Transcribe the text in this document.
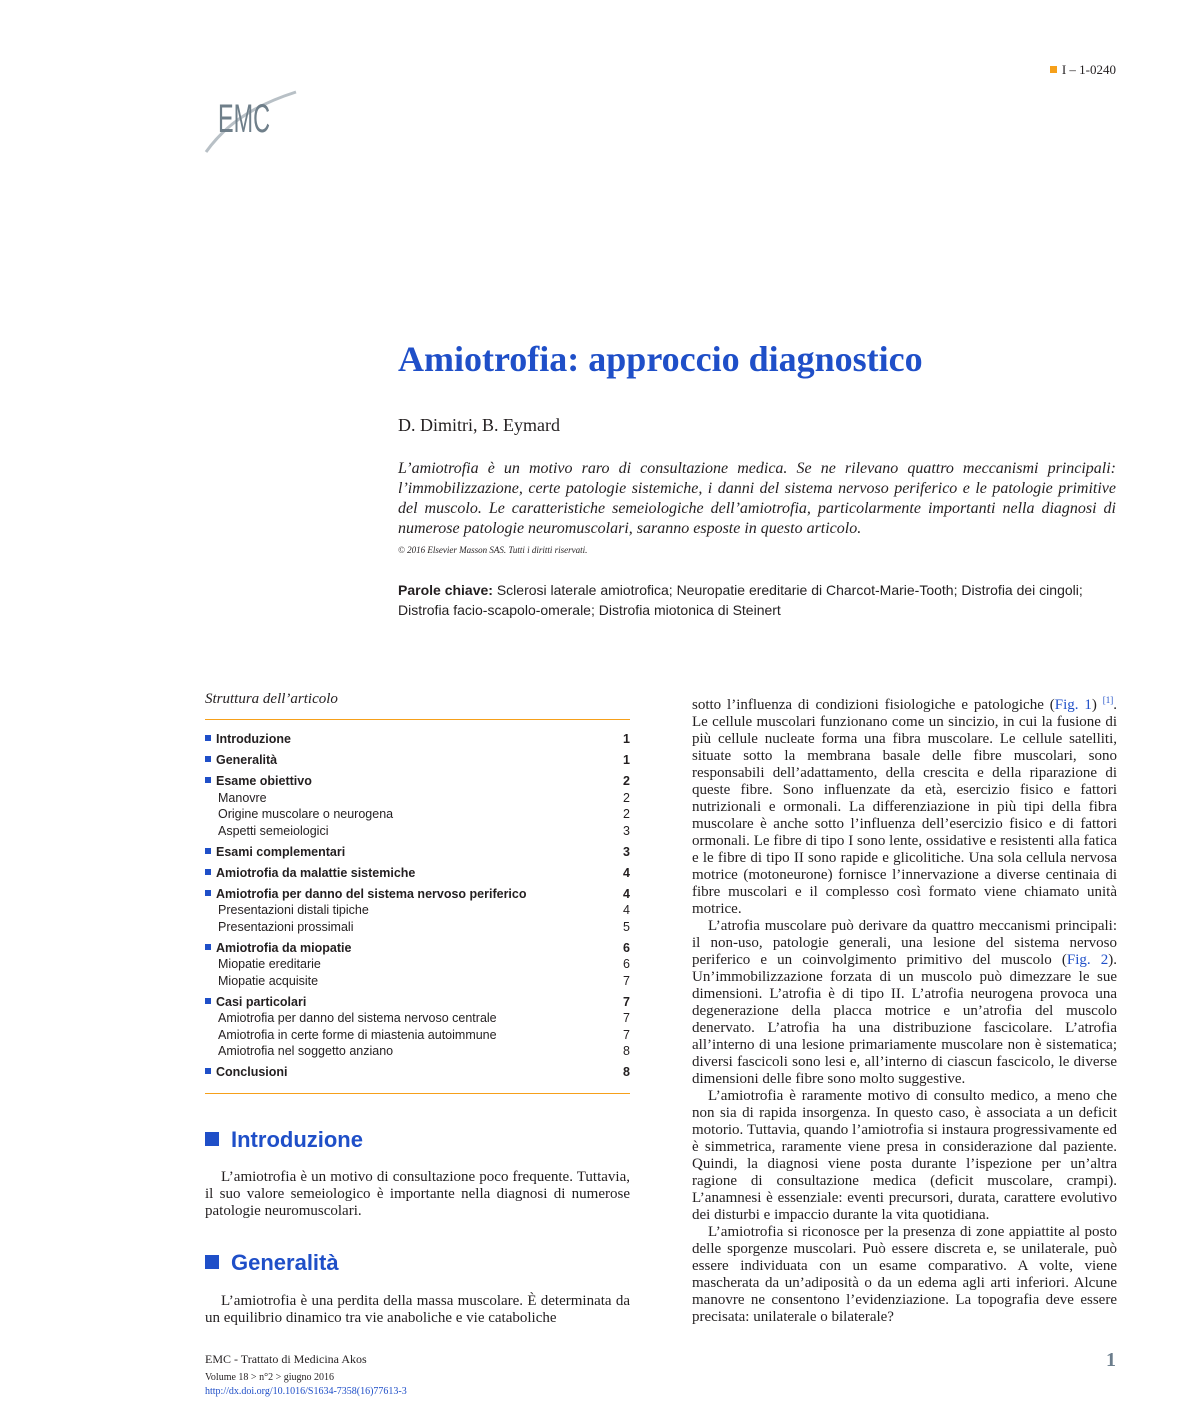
I – 1-0240
EMC
Amiotrofia: approccio diagnostico
D. Dimitri, B. Eymard
L’amiotrofia è un motivo raro di consultazione medica. Se ne rilevano quattro meccanismi principali: l’immobilizzazione, certe patologie sistemiche, i danni del sistema nervoso periferico e le patologie primitive del muscolo. Le caratteristiche semeiologiche dell’amiotrofia, particolarmente importanti nella diagnosi di numerose patologie neuromuscolari, saranno esposte in questo articolo.
© 2016 Elsevier Masson SAS. Tutti i diritti riservati.
Parole chiave: Sclerosi laterale amiotrofica; Neuropatie ereditarie di Charcot-Marie-Tooth; Distrofia dei cingoli; Distrofia facio-scapolo-omerale; Distrofia miotonica di Steinert
Struttura dell’articolo
Introduzione	1
Generalità	1
Esame obiettivo	2
Manovre	2
Origine muscolare o neurogena	2
Aspetti semeiologici	3
Esami complementari	3
Amiotrofia da malattie sistemiche	4
Amiotrofia per danno del sistema nervoso periferico	4
Presentazioni distali tipiche	4
Presentazioni prossimali	5
Amiotrofia da miopatie	6
Miopatie ereditarie	6
Miopatie acquisite	7
Casi particolari	7
Amiotrofia per danno del sistema nervoso centrale	7
Amiotrofia in certe forme di miastenia autoimmune	7
Amiotrofia nel soggetto anziano	8
Conclusioni	8
Introduzione
L’amiotrofia è un motivo di consultazione poco frequente. Tuttavia, il suo valore semeiologico è importante nella diagnosi di numerose patologie neuromuscolari.
Generalità
L’amiotrofia è una perdita della massa muscolare. È determinata da un equilibrio dinamico tra vie anaboliche e vie cataboliche

sotto l’influenza di condizioni fisiologiche e patologiche (Fig. 1) [1]. Le cellule muscolari funzionano come un sincizio, in cui la fusione di più cellule nucleate forma una fibra muscolare. Le cellule satelliti, situate sotto la membrana basale delle fibre muscolari, sono responsabili dell’adattamento, della crescita e della riparazione di queste fibre. Sono influenzate da età, esercizio fisico e fattori nutrizionali e ormonali. La differenziazione in più tipi della fibra muscolare è anche sotto l’influenza dell’esercizio fisico e di fattori ormonali. Le fibre di tipo I sono lente, ossidative e resistenti alla fatica e le fibre di tipo II sono rapide e glicolitiche. Una sola cellula nervosa motrice (motoneurone) fornisce l’innervazione a diverse centinaia di fibre muscolari e il complesso così formato viene chiamato unità motrice.

L’atrofia muscolare può derivare da quattro meccanismi principali: il non-uso, patologie generali, una lesione del sistema nervoso periferico e un coinvolgimento primitivo del muscolo (Fig. 2). Un’immobilizzazione forzata di un muscolo può dimezzare le sue dimensioni. L’atrofia è di tipo II. L’atrofia neurogena provoca una degenerazione della placca motrice e un’atrofia del muscolo denervato. L’atrofia ha una distribuzione fascicolare. L’atrofia all’interno di una lesione primariamente muscolare non è sistematica; diversi fascicoli sono lesi e, all’interno di ciascun fascicolo, le diverse dimensioni delle fibre sono molto suggestive.

L’amiotrofia è raramente motivo di consulto medico, a meno che non sia di rapida insorgenza. In questo caso, è associata a un deficit motorio. Tuttavia, quando l’amiotrofia si instaura progressivamente ed è simmetrica, raramente viene presa in considerazione dal paziente. Quindi, la diagnosi viene posta durante l’ispezione per un’altra ragione di consultazione medica (deficit muscolare, crampi). L’anamnesi è essenziale: eventi precursori, durata, carattere evolutivo dei disturbi e impaccio durante la vita quotidiana.

L’amiotrofia si riconosce per la presenza di zone appiattite al posto delle sporgenze muscolari. Può essere discreta e, se unilaterale, può essere individuata con un esame comparativo. A volte, viene mascherata da un’adiposità o da un edema agli arti inferiori. Alcune manovre ne consentono l’evidenziazione. La topografia deve essere precisata: unilaterale o bilaterale?

EMC - Trattato di Medicina Akos
Volume 18 > n°2 > giugno 2016
http://dx.doi.org/10.1016/S1634-7358(16)77613-3
1
